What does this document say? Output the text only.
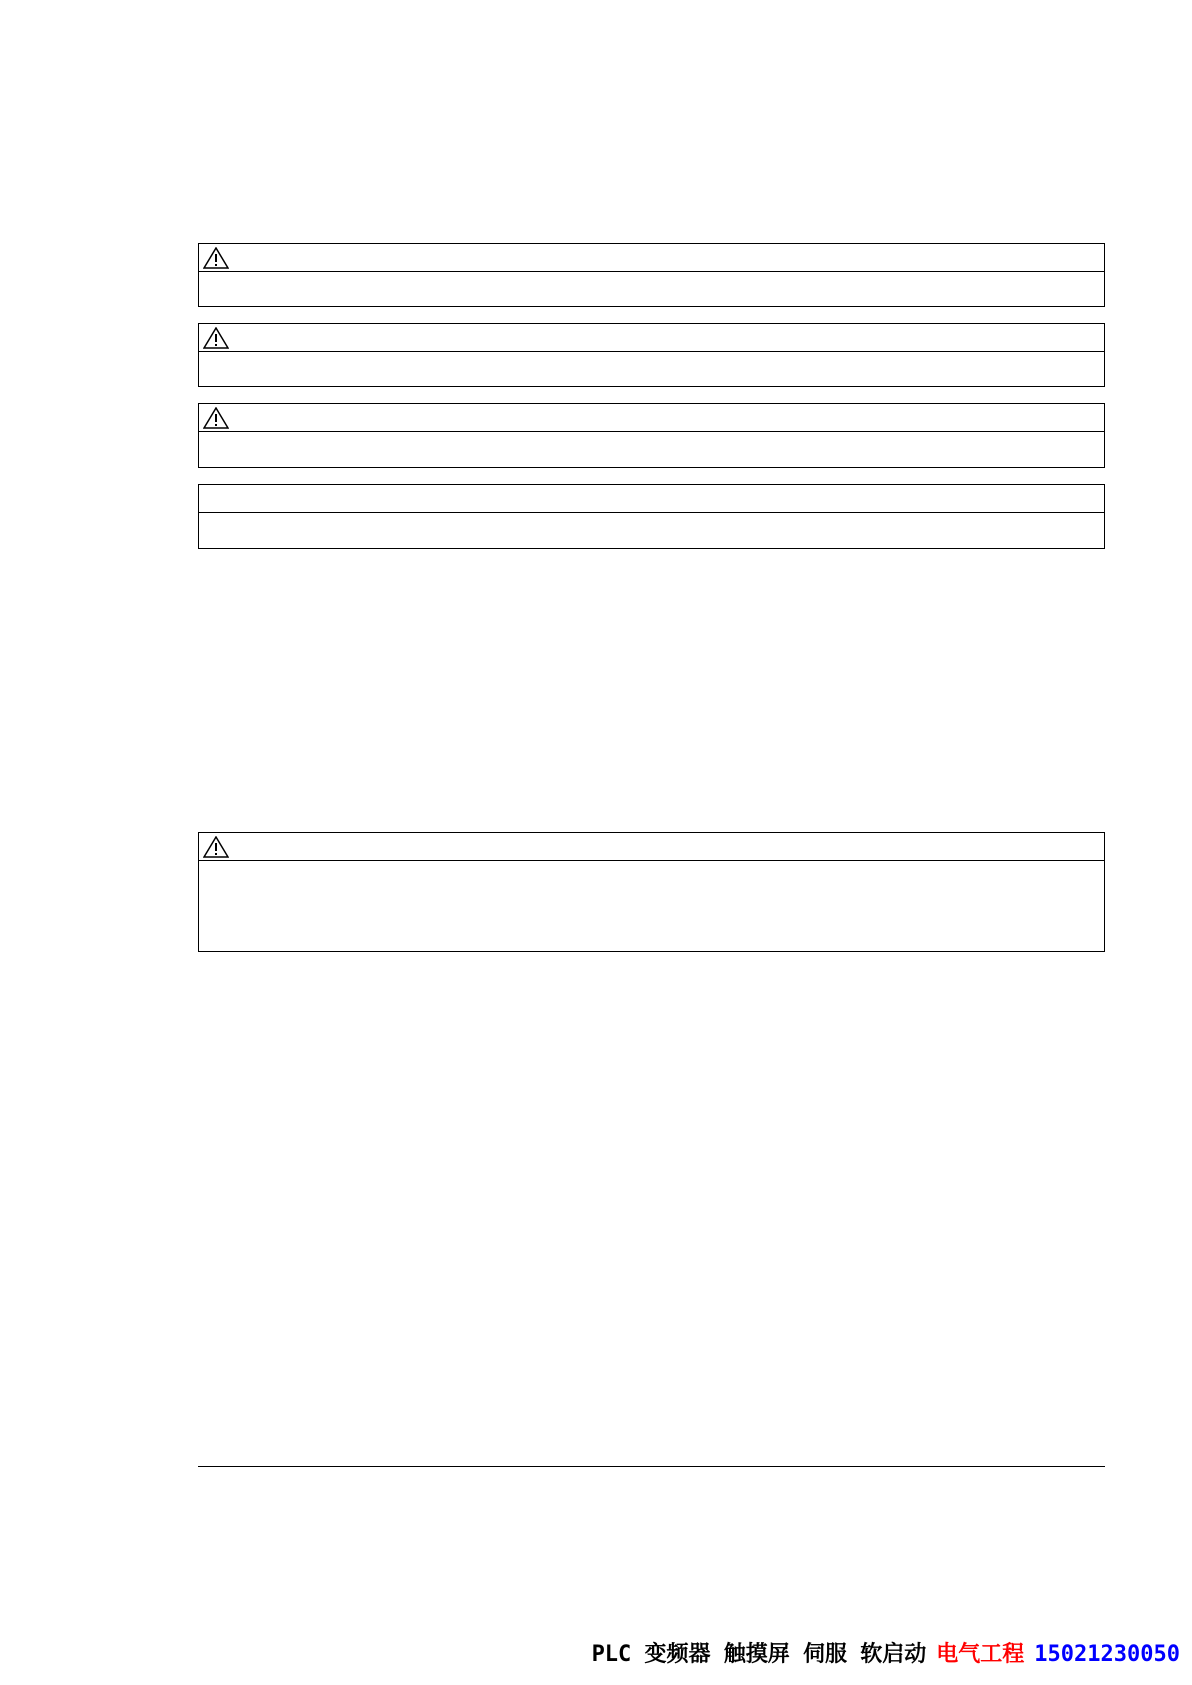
PLC 变频器 触摸屏 伺服 软启动 电气工程 15021230050
